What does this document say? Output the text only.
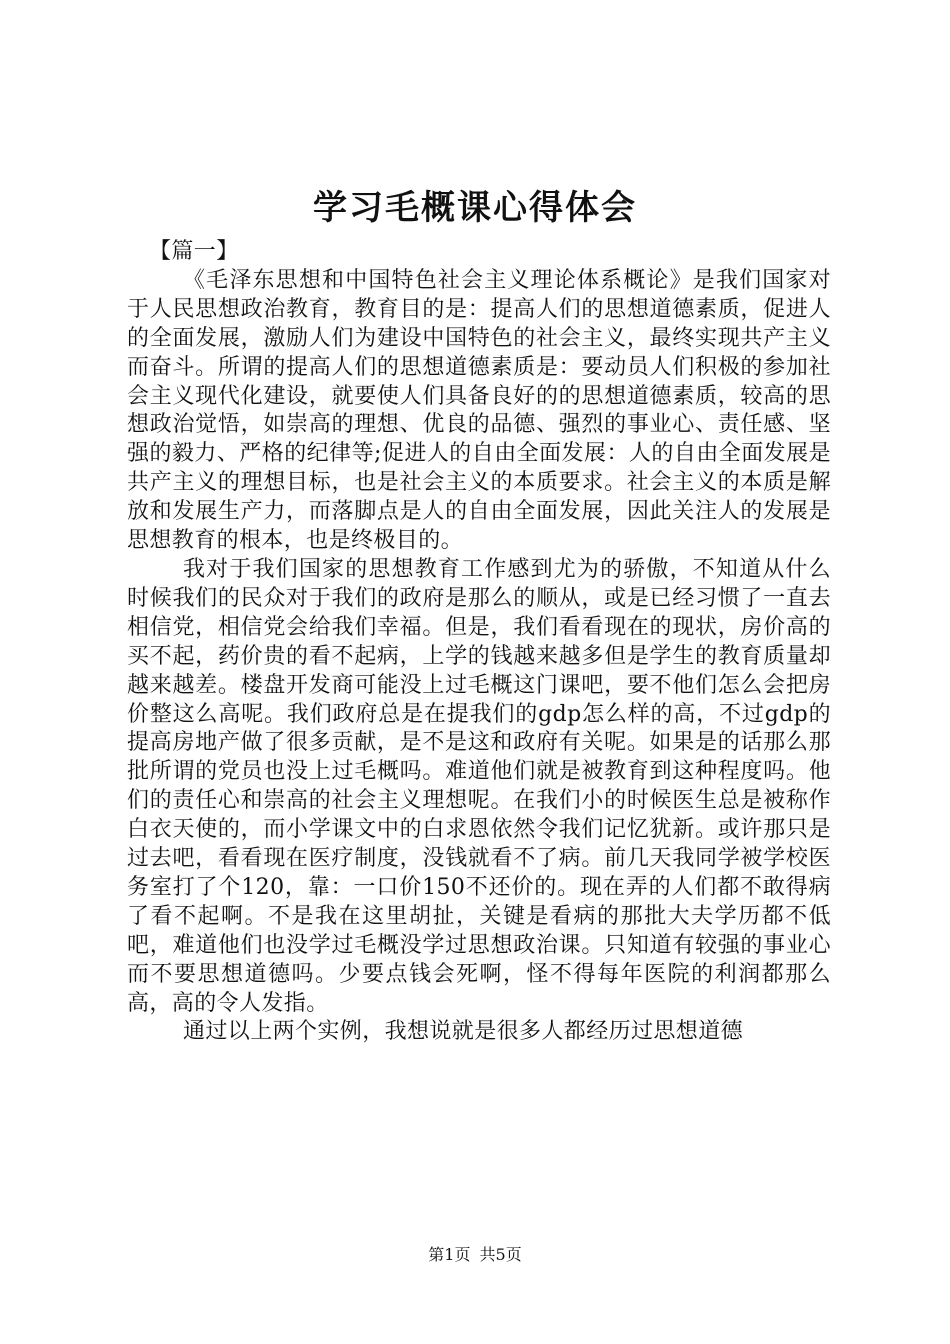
学习毛概课心得体会

【篇一】

《毛泽东思想和中国特色社会主义理论体系概论》是我们国家对于人民思想政治教育，教育目的是：提高人们的思想道德素质，促进人的全面发展，激励人们为建设中国特色的社会主义，最终实现共产主义而奋斗。所谓的提高人们的思想道德素质是：要动员人们积极的参加社会主义现代化建设，就要使人们具备良好的的思想道德素质，较高的思想政治觉悟，如崇高的理想、优良的品德、强烈的事业心、责任感、坚强的毅力、严格的纪律等;促进人的自由全面发展：人的自由全面发展是共产主义的理想目标，也是社会主义的本质要求。社会主义的本质是解放和发展生产力，而落脚点是人的自由全面发展，因此关注人的发展是思想教育的根本，也是终极目的。

我对于我们国家的思想教育工作感到尤为的骄傲，不知道从什么时候我们的民众对于我们的政府是那么的顺从，或是已经习惯了一直去相信党，相信党会给我们幸福。但是，我们看看现在的现状，房价高的买不起，药价贵的看不起病，上学的钱越来越多但是学生的教育质量却越来越差。楼盘开发商可能没上过毛概这门课吧，要不他们怎么会把房价整这么高呢。我们政府总是在提我们的gdp怎么样的高，不过gdp的提高房地产做了很多贡献，是不是这和政府有关呢。如果是的话那么那批所谓的党员也没上过毛概吗。难道他们就是被教育到这种程度吗。他们的责任心和崇高的社会主义理想呢。在我们小的时候医生总是被称作白衣天使的，而小学课文中的白求恩依然令我们记忆犹新。或许那只是过去吧，看看现在医疗制度，没钱就看不了病。前几天我同学被学校医务室打了个120，靠：一口价150不还价的。现在弄的人们都不敢得病了看不起啊。不是我在这里胡扯，关键是看病的那批大夫学历都不低吧，难道他们也没学过毛概没学过思想政治课。只知道有较强的事业心而不要思想道德吗。少要点钱会死啊，怪不得每年医院的利润都那么高，高的令人发指。

通过以上两个实例，我想说就是很多人都经历过思想道德

第1页 共5页
